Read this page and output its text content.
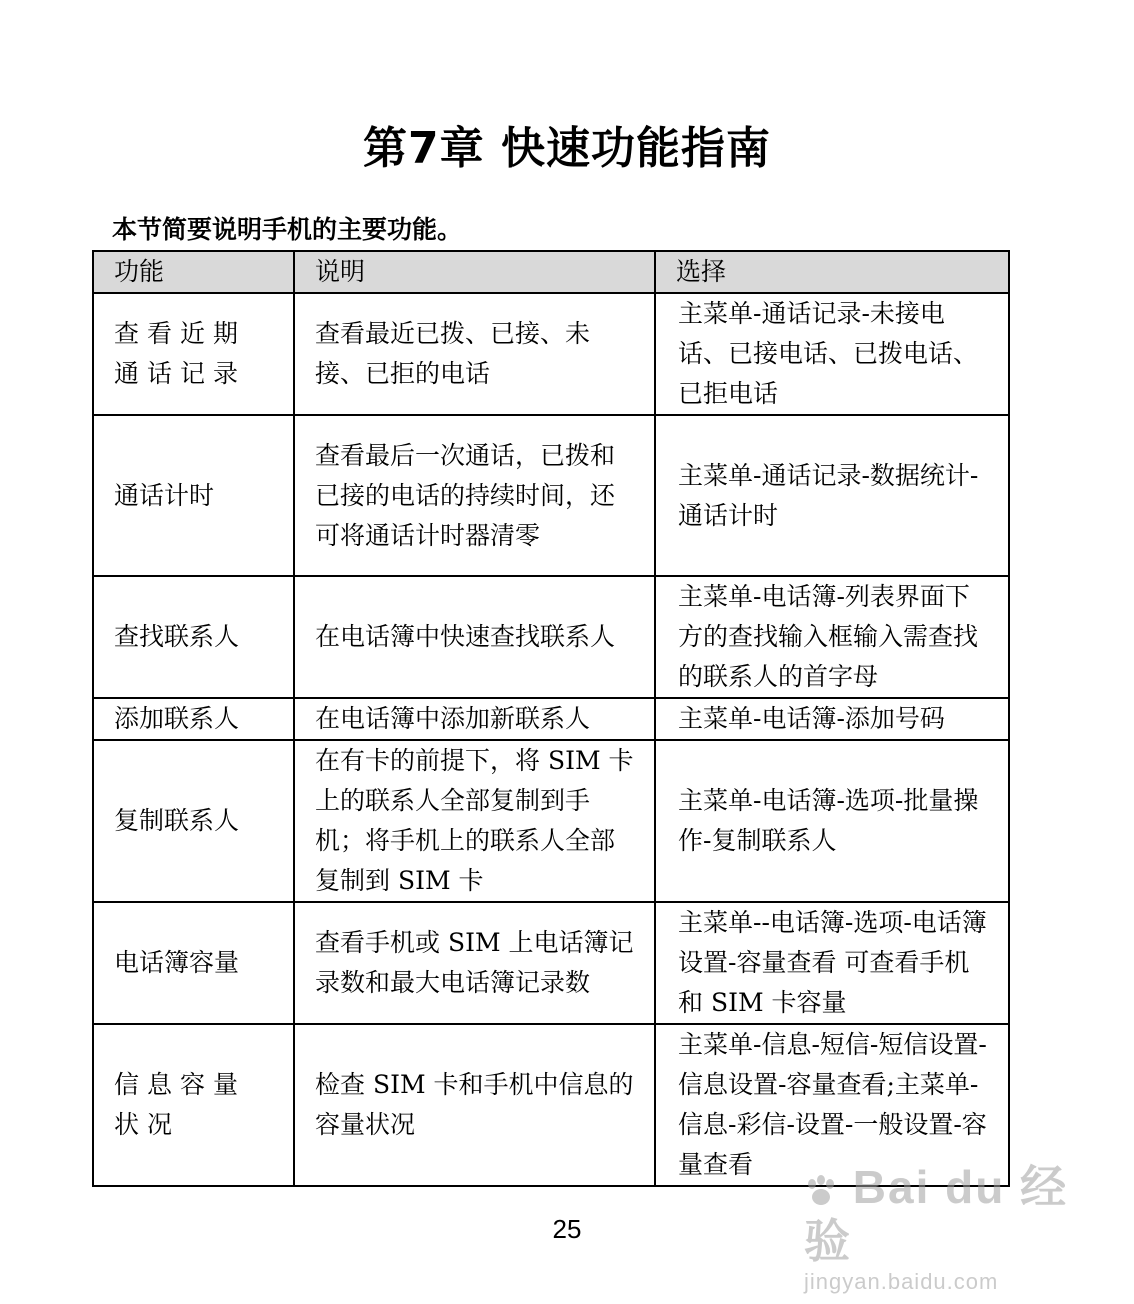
第7章 快速功能指南
本节简要说明手机的主要功能。
功能	说明	选择
查看近期通话记录	查看最近已拨、已接、未接、已拒的电话	主菜单-通话记录-未接电话、已接电话、已拨电话、已拒电话
通话计时	查看最后一次通话，已拨和已接的电话的持续时间，还可将通话计时器清零	主菜单-通话记录-数据统计-通话计时
查找联系人	在电话簿中快速查找联系人	主菜单-电话簿-列表界面下方的查找输入框输入需查找的联系人的首字母
添加联系人	在电话簿中添加新联系人	主菜单-电话簿-添加号码
复制联系人	在有卡的前提下，将 SIM 卡上的联系人全部复制到手机；将手机上的联系人全部复制到 SIM 卡	主菜单-电话簿-选项-批量操作-复制联系人
电话簿容量	查看手机或 SIM 上电话簿记录数和最大电话簿记录数	主菜单--电话簿-选项-电话簿设置-容量查看 可查看手机和 SIM 卡容量
信息容量状况	检查 SIM 卡和手机中信息的容量状况	主菜单-信息-短信-短信设置-信息设置-容量查看;主菜单-信息-彩信-设置-一般设置-容量查看
25
Bai du 经验
jingyan.baidu.com
